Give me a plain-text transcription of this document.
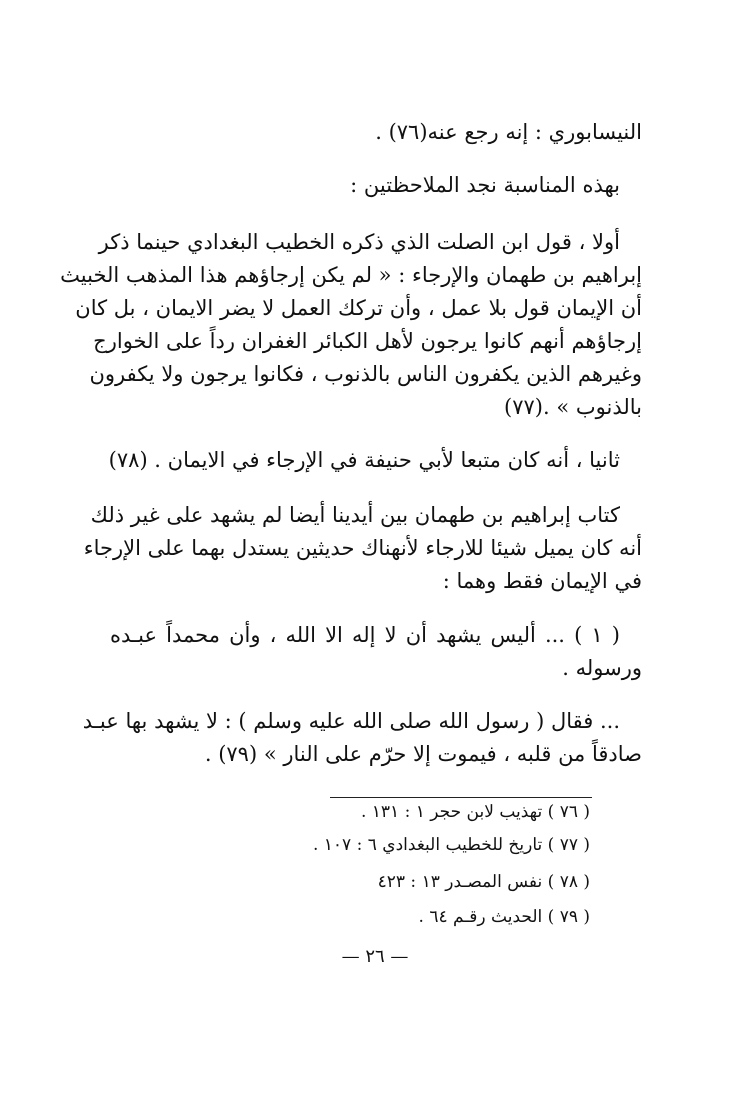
النيسابوري : إنه رجع عنه(٧٦) .
بهذه المناسبة نجد الملاحظتين :
أولا ، قول ابن الصلت الذي ذكره الخطيب البغدادي حينما ذكر
إبراهيم بن طهمان والإرجاء : « لم يكن إرجاؤهم هذا المذهب الخبيث
أن الإيمان قول بلا عمل ، وأن تركك العمل لا يضر الايمان ، بل كان
إرجاؤهم أنهم كانوا يرجون لأهل الكبائر الغفران رداً على الخوارج
وغيرهم الذين يكفرون الناس بالذنوب ، فكانوا يرجون ولا يكفرون
بالذنوب » .(٧٧)
ثانيا ، أنه كان متبعا لأبي حنيفة في الإرجاء في الايمان . (٧٨)
كتاب إبراهيم بن طهمان بين أيدينا أيضا لم يشهد على غير ذلك
أنه كان يميل شيئا للارجاء لأنهناك حديثين يستدل بهما على الإرجاء
في الإيمان فقط وهما :
( ١ ) ... أليس يشهد أن لا إله الا الله ، وأن محمداً عبـده
ورسوله .
... فقال ( رسول الله صلى الله عليه وسلم ) : لا يشهد بها عبـد
صادقاً من قلبه ، فيموت إلا حرّم على النار » (٧٩) .
( ٧٦ ) تهذيب لابن حجر ١ : ١٣١ .
( ٧٧ ) تاريخ للخطيب البغدادي ٦ : ١٠٧ .
( ٧٨ ) نفس المصـدر ١٣ : ٤٢٣
( ٧٩ ) الحديث رقـم ٦٤ .
— ٢٦ —
